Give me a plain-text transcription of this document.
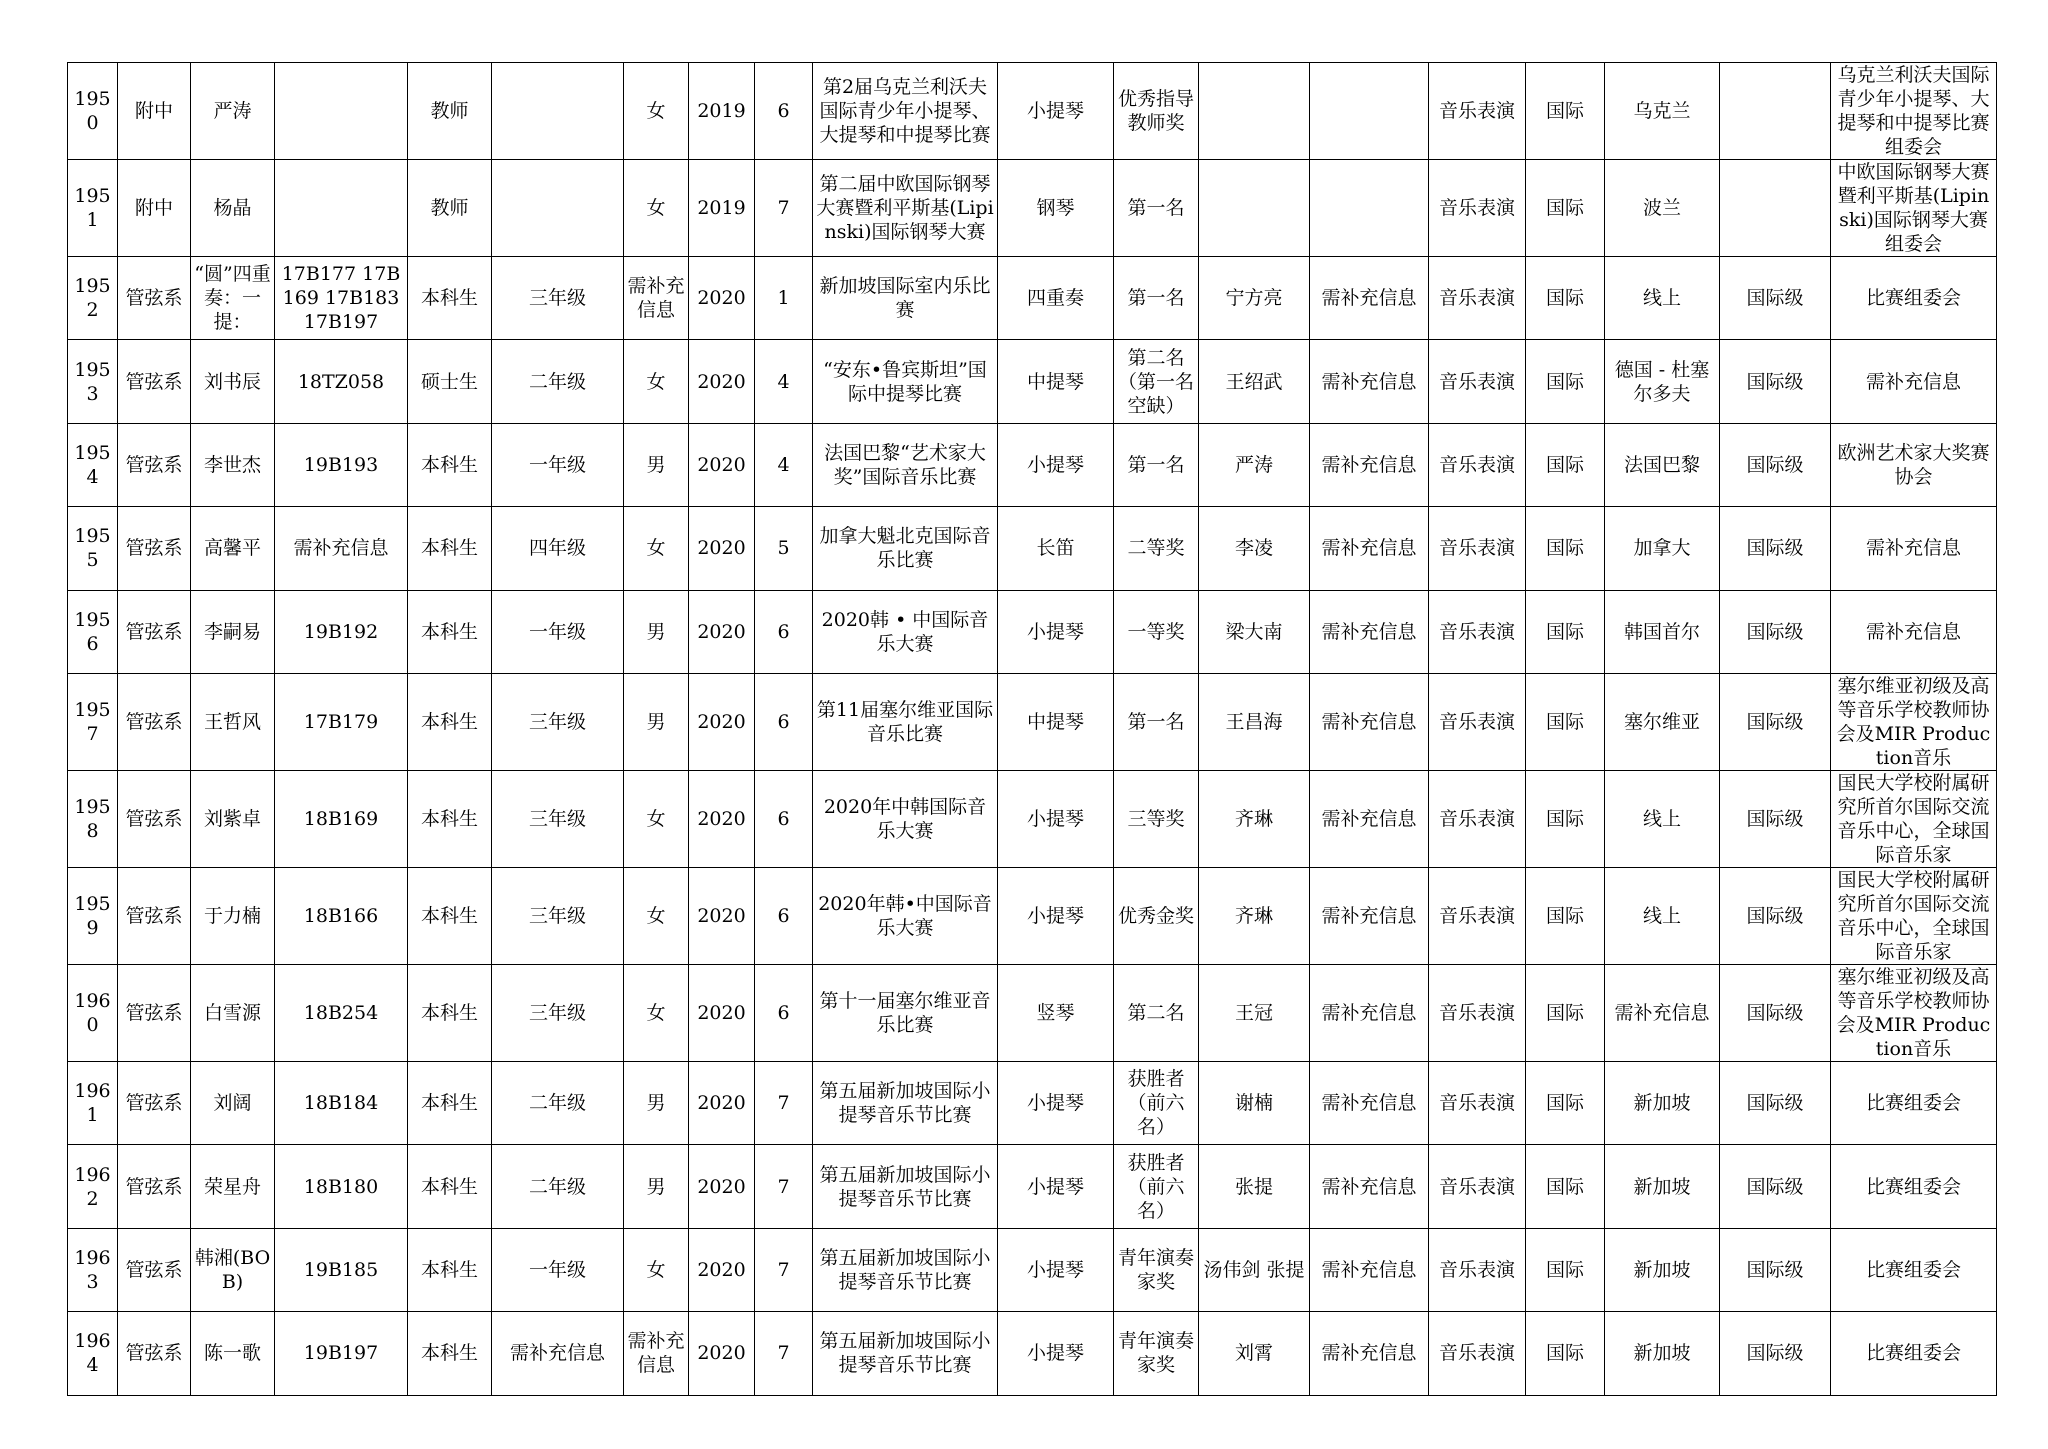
1950	附中	严涛		教师		女	2019	6	第2届乌克兰利沃夫国际青少年小提琴、大提琴和中提琴比赛	小提琴	优秀指导教师奖			音乐表演	国际	乌克兰		乌克兰利沃夫国际青少年小提琴、大提琴和中提琴比赛组委会
1951	附中	杨晶		教师		女	2019	7	第二届中欧国际钢琴大赛暨利平斯基(Lipinski)国际钢琴大赛	钢琴	第一名			音乐表演	国际	波兰		中欧国际钢琴大赛暨利平斯基(Lipinski)国际钢琴大赛组委会
1952	管弦系	“圆”四重奏：一提：	17B177 17B169 17B183 17B197	本科生	三年级	需补充信息	2020	1	新加坡国际室内乐比赛	四重奏	第一名	宁方亮	需补充信息	音乐表演	国际	线上	国际级	比赛组委会
1953	管弦系	刘书辰	18TZ058	硕士生	二年级	女	2020	4	“安东•鲁宾斯坦”国际中提琴比赛	中提琴	第二名（第一名空缺）	王绍武	需补充信息	音乐表演	国际	德国 - 杜塞尔多夫	国际级	需补充信息
1954	管弦系	李世杰	19B193	本科生	一年级	男	2020	4	法国巴黎“艺术家大奖”国际音乐比赛	小提琴	第一名	严涛	需补充信息	音乐表演	国际	法国巴黎	国际级	欧洲艺术家大奖赛协会
1955	管弦系	高馨平	需补充信息	本科生	四年级	女	2020	5	加拿大魁北克国际音乐比赛	长笛	二等奖	李凌	需补充信息	音乐表演	国际	加拿大	国际级	需补充信息
1956	管弦系	李嗣易	19B192	本科生	一年级	男	2020	6	2020韩 • 中国际音乐大赛	小提琴	一等奖	梁大南	需补充信息	音乐表演	国际	韩国首尔	国际级	需补充信息
1957	管弦系	王哲风	17B179	本科生	三年级	男	2020	6	第11届塞尔维亚国际音乐比赛	中提琴	第一名	王昌海	需补充信息	音乐表演	国际	塞尔维亚	国际级	塞尔维亚初级及高等音乐学校教师协会及MIR Production音乐
1958	管弦系	刘紫卓	18B169	本科生	三年级	女	2020	6	2020年中韩国际音乐大赛	小提琴	三等奖	齐琳	需补充信息	音乐表演	国际	线上	国际级	国民大学校附属研究所首尔国际交流音乐中心，全球国际音乐家
1959	管弦系	于力楠	18B166	本科生	三年级	女	2020	6	2020年韩•中国际音乐大赛	小提琴	优秀金奖	齐琳	需补充信息	音乐表演	国际	线上	国际级	国民大学校附属研究所首尔国际交流音乐中心，全球国际音乐家
1960	管弦系	白雪源	18B254	本科生	三年级	女	2020	6	第十一届塞尔维亚音乐比赛	竖琴	第二名	王冠	需补充信息	音乐表演	国际	需补充信息	国际级	塞尔维亚初级及高等音乐学校教师协会及MIR Production音乐
1961	管弦系	刘阔	18B184	本科生	二年级	男	2020	7	第五届新加坡国际小提琴音乐节比赛	小提琴	获胜者（前六名）	谢楠	需补充信息	音乐表演	国际	新加坡	国际级	比赛组委会
1962	管弦系	荣星舟	18B180	本科生	二年级	男	2020	7	第五届新加坡国际小提琴音乐节比赛	小提琴	获胜者（前六名）	张提	需补充信息	音乐表演	国际	新加坡	国际级	比赛组委会
1963	管弦系	韩湘(BOB)	19B185	本科生	一年级	女	2020	7	第五届新加坡国际小提琴音乐节比赛	小提琴	青年演奏家奖	汤伟剑 张提	需补充信息	音乐表演	国际	新加坡	国际级	比赛组委会
1964	管弦系	陈一歌	19B197	本科生	需补充信息	需补充信息	2020	7	第五届新加坡国际小提琴音乐节比赛	小提琴	青年演奏家奖	刘霄	需补充信息	音乐表演	国际	新加坡	国际级	比赛组委会
